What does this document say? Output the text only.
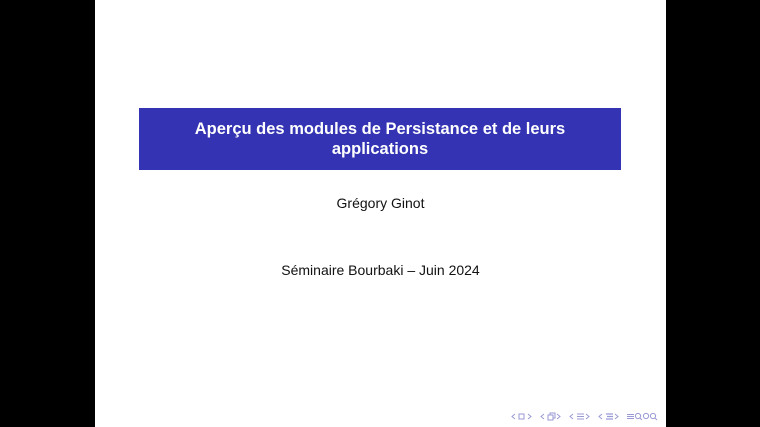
Aperçu des modules de Persistance et de leurs applications
Grégory Ginot
Séminaire Bourbaki – Juin 2024
